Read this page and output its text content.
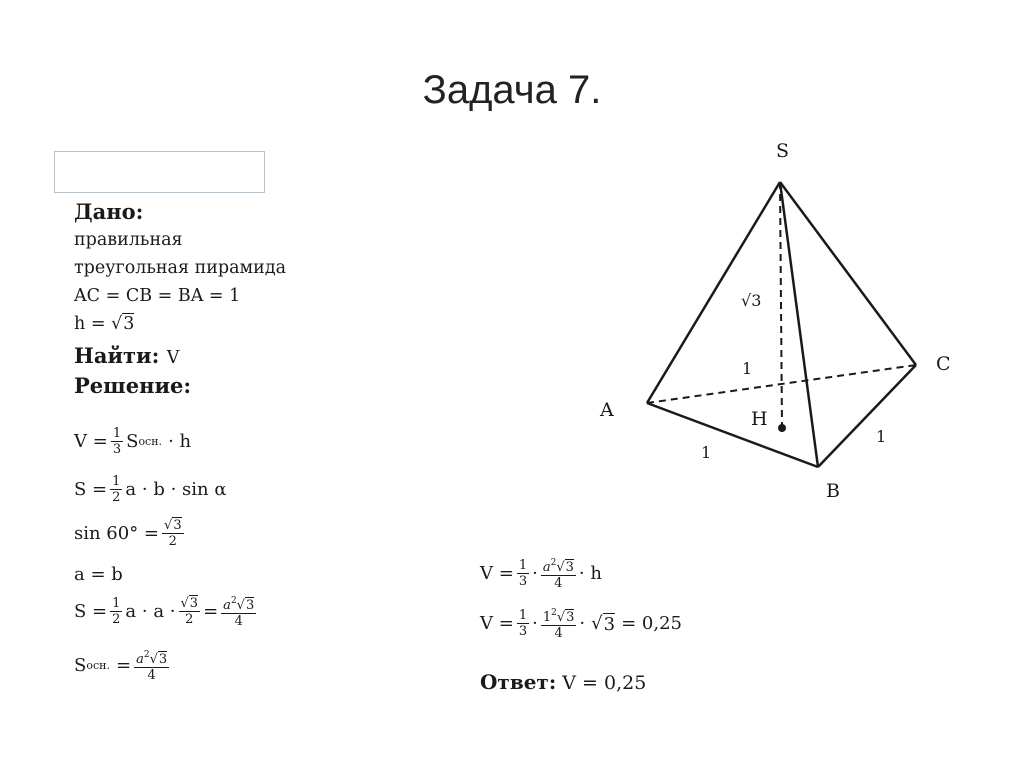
Задача 7.
Дано:
правильная
треугольная пирамида
AC = CB = BA = 1
h = √3
Найти: V
Решение:
$V = \frac{1}{3}$ S осн. · h
$S = \frac{1}{2}$ a · b · sin α
$\sin 60^\circ = \frac{√3}{2}$
a = b
$S = \frac{1}{2}$ $a \cdot a \cdot \frac{√3}{2} = \frac{a^2√3}{4}$
S осн. = $\frac{a^2√3}{4}$
$V = \frac{1}{3} \cdot \frac{a^2√3}{4} \cdot h$
$V = \frac{1}{3} \cdot \frac{1^2√3}{4}$ · √ 3 = 0,25
Ответ: V = 0,25
S
A
B
C
H
1
1
1
√3
